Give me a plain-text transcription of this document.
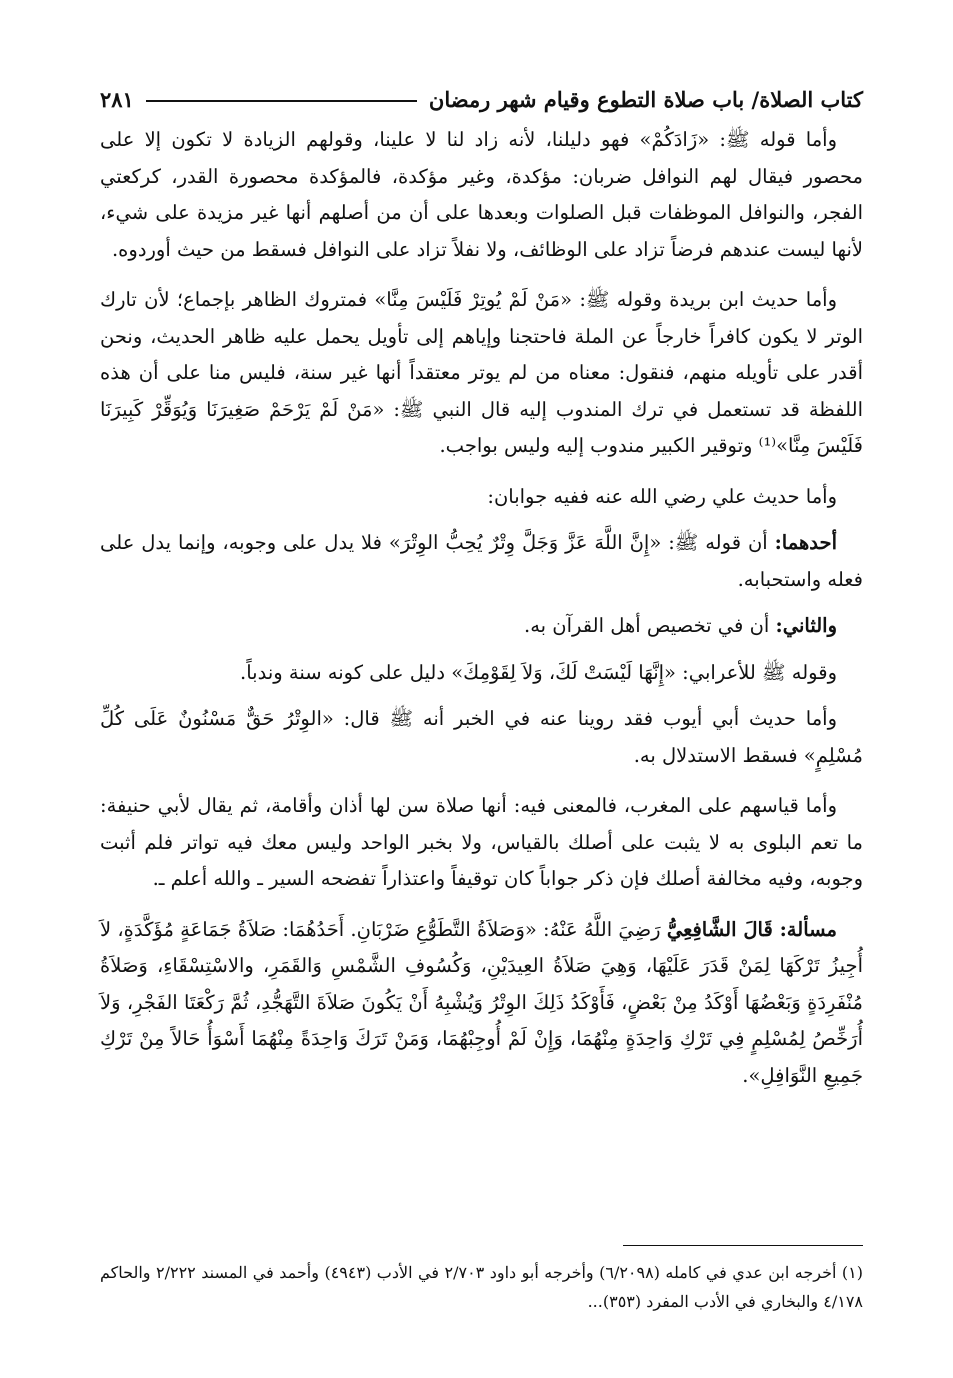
كتاب الصلاة/ باب صلاة التطوع وقيام شهر رمضان
٢٨١

وأما قوله ﷺ: «زَادَكُمْ» فهو دليلنا، لأنه زاد لنا لا علينا، وقولهم الزيادة لا تكون إلا على محصور فيقال لهم النوافل ضربان: مؤكدة، وغير مؤكدة، فالمؤكدة محصورة القدر، كركعتي الفجر، والنوافل الموظفات قبل الصلوات وبعدها على أن من أصلهم أنها غير مزيدة على شيء، لأنها ليست عندهم فرضاً تزاد على الوظائف، ولا نفلاً تزاد على النوافل فسقط من حيث أوردوه.

وأما حديث ابن بريدة وقوله ﷺ: «مَنْ لَمْ يُوتِرْ فَلَيْسَ مِنَّا» فمتروك الظاهر بإجماع؛ لأن تارك الوتر لا يكون كافراً خارجاً عن الملة فاحتجنا وإياهم إلى تأويل يحمل عليه ظاهر الحديث، ونحن أقدر على تأويله منهم، فنقول: معناه من لم يوتر معتقداً أنها غير سنة، فليس منا على أن هذه اللفظة قد تستعمل في ترك المندوب إليه قال النبي ﷺ: «مَنْ لَمْ يَرْحَمْ صَغِيرَنَا وَيُوَقِّرْ كَبِيرَنَا فَلَيْسَ مِنَّا»⁽¹⁾ وتوقير الكبير مندوب إليه وليس بواجب.

وأما حديث علي رضي الله عنه ففيه جوابان:

أحدهما: أن قوله ﷺ: «إِنَّ اللَّهَ عَزَّ وَجَلَّ وِتْرٌ يُحِبُّ الوِتْرَ» فلا يدل على وجوبه، وإنما يدل على فعله واستحبابه.

والثاني: أن في تخصيص أهل القرآن به.

وقوله ﷺ للأعرابي: «إِنَّهَا لَيْسَتْ لَكَ، وَلاَ لِقَوْمِكَ» دليل على كونه سنة وندباً.

وأما حديث أبي أيوب فقد روينا عنه في الخبر أنه ﷺ قال: «الوِتْرُ حَقٌّ مَسْنُونٌ عَلَى كُلِّ مُسْلِمٍ» فسقط الاستدلال به.

وأما قياسهم على المغرب، فالمعنى فيه: أنها صلاة سن لها أذان وأقامة، ثم يقال لأبي حنيفة: ما تعم البلوى به لا يثبت على أصلك بالقياس، ولا بخبر الواحد وليس معك فيه تواتر فلم أثبت وجوبه، وفيه مخالفة أصلك فإن ذكر جواباً كان توقيفاً واعتذاراً تفضحه السير ـ والله أعلم ـ.

مسألة: قَالَ الشَّافِعِيُّ رَضِيَ اللَّهُ عَنْهُ: «وَصَلاَةُ التَّطَوُّعِ ضَرْبَانِ. أَحَدُهُمَا: صَلاَةُ جَمَاعَةٍ مُؤَكَّدَةٍ، لاَ أُجِيزُ تَرْكَهَا لِمَنْ قَدَرَ عَلَيْهَا، وَهِيَ صَلاَةُ العِيدَيْنِ، وَكُسُوفِ الشَّمْسِ وَالقَمَرِ، والاسْتِسْقَاءِ، وَصَلاَةُ مُنْفَرِدَةٍ وَبَعْضُهَا أَوْكَدُ مِنْ بَعْضٍ، فَأَوْكَدُ ذَلِكَ الوِتْرُ وَيُشْبِهُ أَنْ يَكُونَ صَلاَةَ التَّهَجُّدِ، ثُمَّ رَكْعَتَا الفَجْرِ، وَلاَ أُرَخِّصُ لِمُسْلِمٍ فِي تَرْكِ وَاحِدَةٍ مِنْهُمَا، وَإِنْ لَمْ أُوجِبْهُمَا، وَمَنْ تَرَكَ وَاحِدَةً مِنْهُمَا أَسْوَأُ حَالاً مِنْ تَرْكِ جَمِيعِ النَّوَافِلِ».

(١) أخرجه ابن عدي في كامله (٦/٢٠٩٨) وأخرجه أبو داود ٢/٧٠٣ في الأدب (٤٩٤٣) وأحمد في المسند ٢/٢٢٢ والحاكم ٤/١٧٨ والبخاري في الأدب المفرد (٣٥٣)...
